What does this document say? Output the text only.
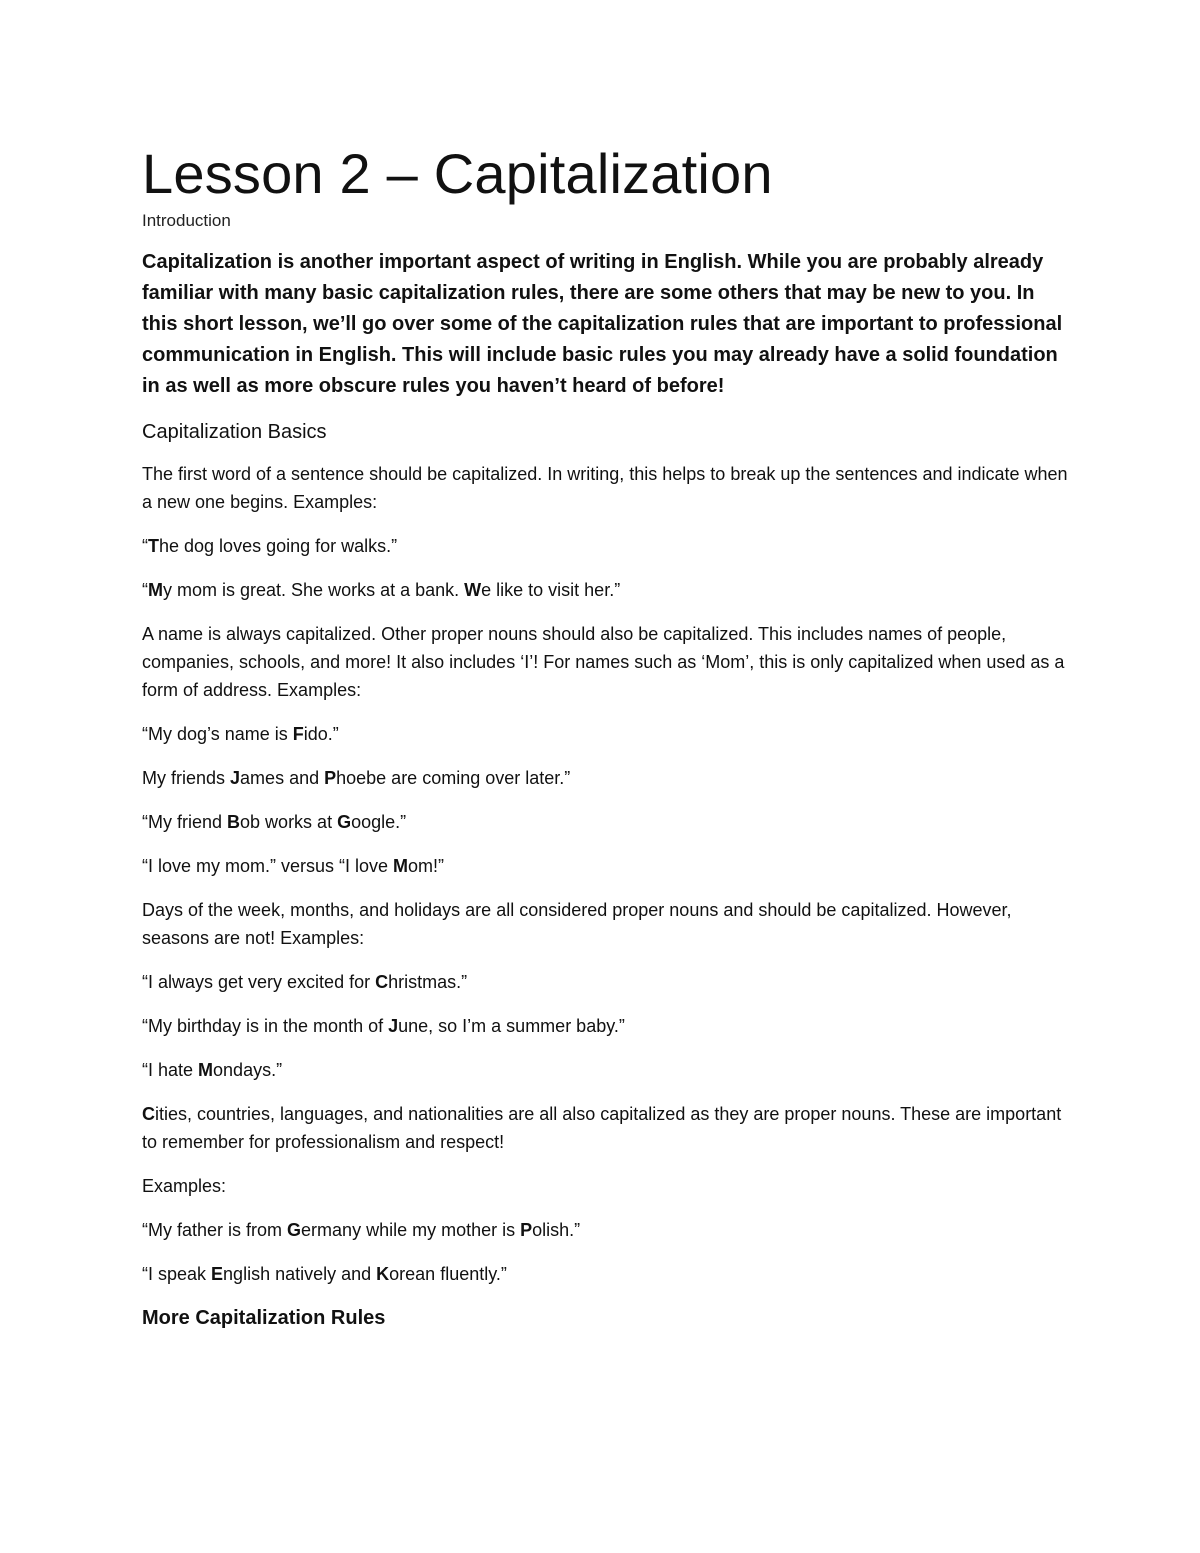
Lesson 2 – Capitalization
Introduction

Capitalization is another important aspect of writing in English. While you are probably already familiar with many basic capitalization rules, there are some others that may be new to you. In this short lesson, we’ll go over some of the capitalization rules that are important to professional communication in English. This will include basic rules you may already have a solid foundation in as well as more obscure rules you haven’t heard of before!

Capitalization Basics

The first word of a sentence should be capitalized. In writing, this helps to break up the sentences and indicate when a new one begins. Examples:

“The dog loves going for walks.”

“My mom is great. She works at a bank. We like to visit her.”

A name is always capitalized. Other proper nouns should also be capitalized. This includes names of people, companies, schools, and more! It also includes ‘I’! For names such as ‘Mom’, this is only capitalized when used as a form of address. Examples:

“My dog’s name is Fido.”

My friends James and Phoebe are coming over later.”

“My friend Bob works at Google.”

“I love my mom.” versus “I love Mom!”

Days of the week, months, and holidays are all considered proper nouns and should be capitalized. However, seasons are not! Examples:

“I always get very excited for Christmas.”

“My birthday is in the month of June, so I’m a summer baby.”

“I hate Mondays.”

Cities, countries, languages, and nationalities are all also capitalized as they are proper nouns. These are important to remember for professionalism and respect!

Examples:

“My father is from Germany while my mother is Polish.”

“I speak English natively and Korean fluently.”

More Capitalization Rules
